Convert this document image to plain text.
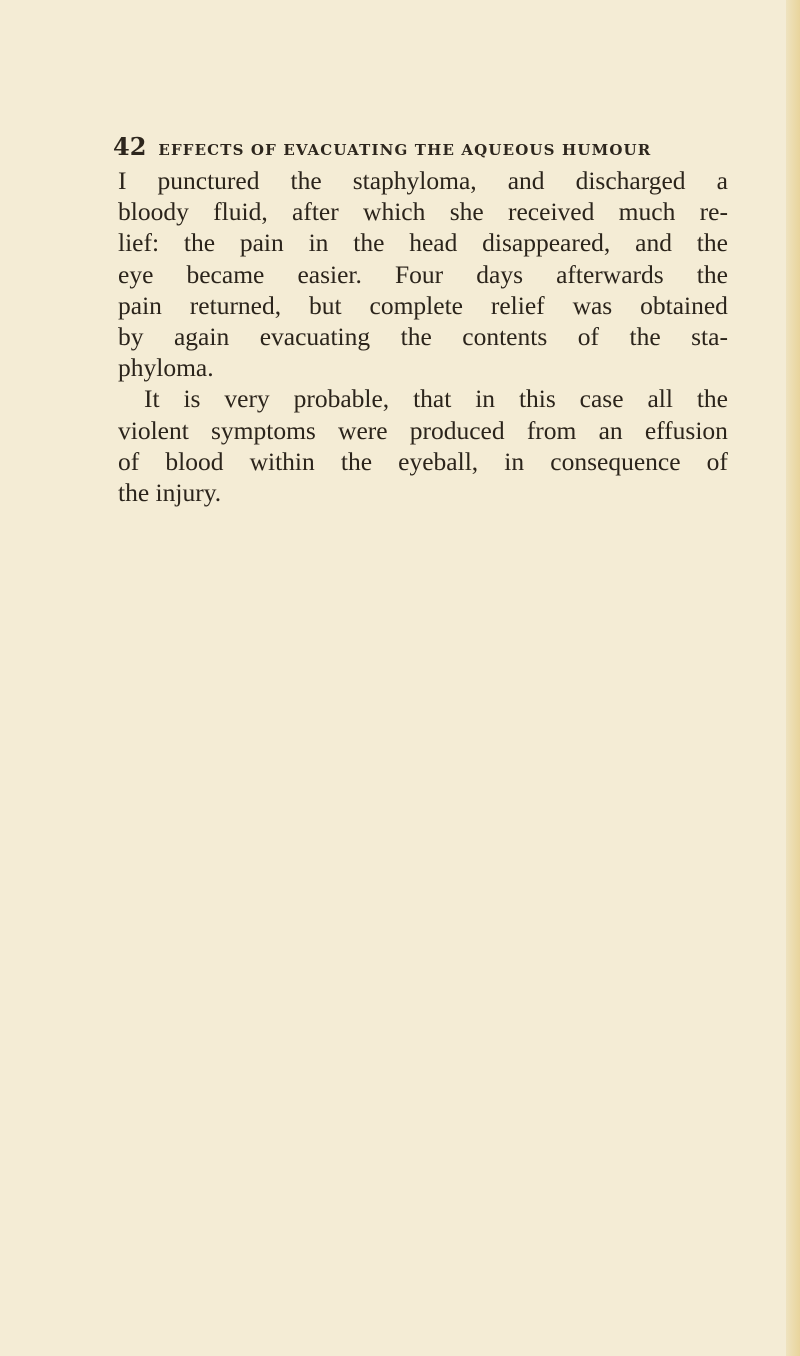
42 EFFECTS OF EVACUATING THE AQUEOUS HUMOUR
I punctured the staphyloma, and discharged a
bloody fluid, after which she received much re-
lief: the pain in the head disappeared, and the
eye became easier. Four days afterwards the
pain returned, but complete relief was obtained
by again evacuating the contents of the sta-
phyloma.
It is very probable, that in this case all the
violent symptoms were produced from an effusion
of blood within the eyeball, in consequence of
the injury.
